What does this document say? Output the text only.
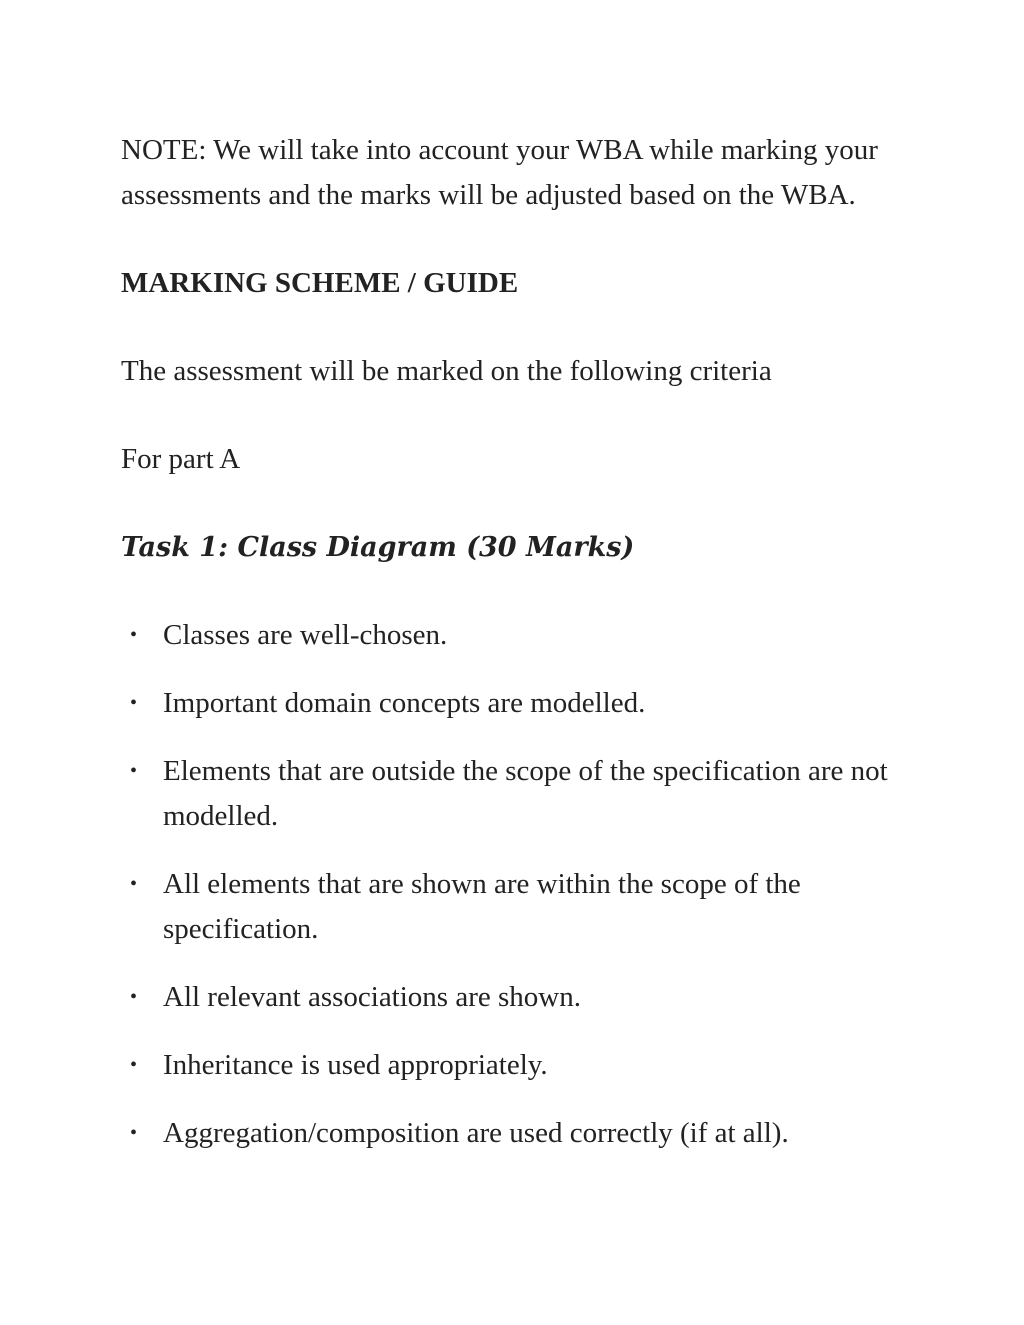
NOTE: We will take into account your WBA while marking your assessments and the marks will be adjusted based on the WBA.

MARKING SCHEME / GUIDE

The assessment will be marked on the following criteria

For part A

Task 1: Class Diagram (30 Marks)

• Classes are well-chosen.
• Important domain concepts are modelled.
• Elements that are outside the scope of the specification are not modelled.
• All elements that are shown are within the scope of the specification.
• All relevant associations are shown.
• Inheritance is used appropriately.
• Aggregation/composition are used correctly (if at all).
